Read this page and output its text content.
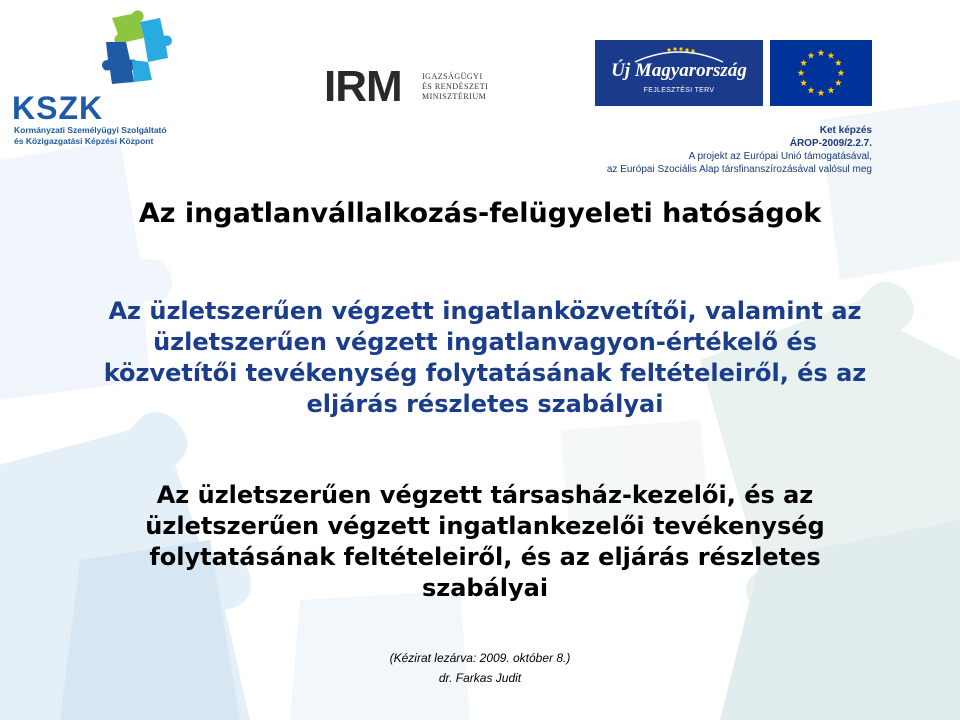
KSZK
Kormányzati Személyügyi Szolgáltató
és Közigazgatási Képzési Központ
IRM	IGAZSÁGÜGYI
ÉS RENDÉSZETI
MINISZTÉRIUM
Új Magyarország
FEJLESZTÉSI TERV
Ket képzés
ÁROP-2009/2.2.7.
A projekt az Európai Unió támogatásával,
az Európai Szociális Alap társfinanszírozásával valósul meg
Az ingatlanvállalkozás-felügyeleti hatóságok
Az üzletszerűen végzett ingatlanközvetítői, valamint az
üzletszerűen végzett ingatlanvagyon-értékelő és
közvetítői tevékenység folytatásának feltételeiről, és az
eljárás részletes szabályai
Az üzletszerűen végzett társasház-kezelői, és az
üzletszerűen végzett ingatlankezelői tevékenység
folytatásának feltételeiről, és az eljárás részletes
szabályai
(Kézirat lezárva: 2009. október 8.)
dr. Farkas Judit
